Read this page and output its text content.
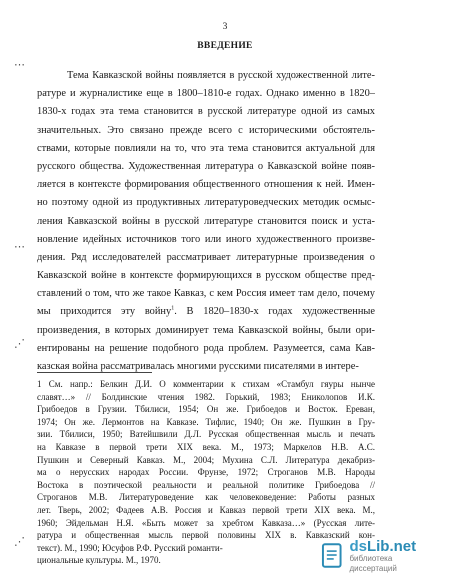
3
ВВЕДЕНИЕ
⋯
⋯
⋰
⋰
Тема Кавказской войны появляется в русской художественной лите-
ратуре и журналистике еще в 1800–1810-е годах. Однако именно в 1820–
1830-х годах эта тема становится в русской литературе одной из самых
значительных. Это связано прежде всего с историческими обстоятель-
ствами, которые повлияли на то, что эта тема становится актуальной для
русского общества. Художественная литература о Кавказской войне появ-
ляется в контексте формирования общественного отношения к ней. Имен-
но поэтому одной из продуктивных литературоведческих методик осмыс-
ления Кавказской войны в русской литературе становится поиск и уста-
новление идейных источников того или иного художественного произве-
дения. Ряд исследователей рассматривает литературные произведения о
Кавказской войне в контексте формирующихся в русском обществе пред-
ставлений о том, что же такое Кавказ, с кем Россия имеет там дело, почему
мы приходится эту войну$^1$. В 1820–1830-х годах художественные
произведения, в которых доминирует тема Кавказской войны, были ори-
ентированы на решение подобного рода проблем. Разумеется, сама Кав-
казская война рассматривалась многими русскими писателями в интере-
1 См. напр.: Белкин Д.И. О комментарии к стихам «Стамбул гяуры нынче
славят…» // Болдинские чтения 1982. Горький, 1983; Ениколопов И.К.
Грибоедов в Грузии. Тбилиси, 1954; Он же. Грибоедов и Восток. Ереван,
1974; Он же. Лермонтов на Кавказе. Тифлис, 1940; Он же. Пушкин в Гру-
зии. Тбилиси, 1950; Ватейшвили Д.Л. Русская общественная мысль и печать
на Кавказе в первой трети XIX века. М., 1973; Маркелов Н.В. А.С.
Пушкин и Северный Кавказ. М., 2004; Мухина С.Л. Литература декабриз-
ма о нерусских народах России. Фрунзе, 1972; Строганов М.В. Народы
Востока в поэтической реальности и реальной политике Грибоедова //
Строганов М.В. Литературоведение как человековедение: Работы разных
лет. Тверь, 2002; Фадеев А.В. Россия и Кавказ первой трети XIX века. М.,
1960; Эйдельман Н.Я. «Быть может за хребтом Кавказа…» (Русская лите-
ратура и общественная мысль первой половины XIX в. Кавказский кон-
текст). М., 1990; Юсуфов Р.Ф. Русский романти-
циональные культуры. М., 1970.
dsLib.net
библиотека диссертаций
